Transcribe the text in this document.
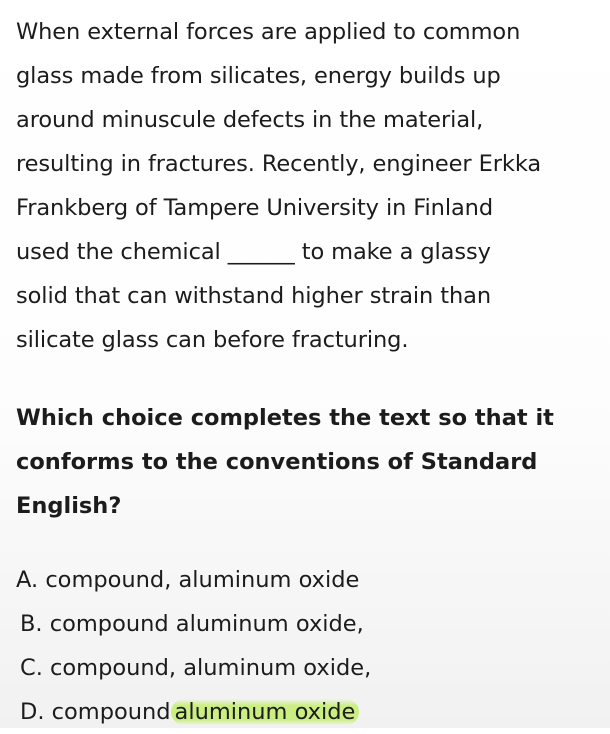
When external forces are applied to common
glass made from silicates, energy builds up
around minuscule defects in the material,
resulting in fractures. Recently, engineer Erkka
Frankberg of Tampere University in Finland
used the chemical ______ to make a glassy
solid that can withstand higher strain than
silicate glass can before fracturing.

Which choice completes the text so that it
conforms to the conventions of Standard
English?

A. compound, aluminum oxide
B. compound aluminum oxide,
C. compound, aluminum oxide,
D. compound aluminum oxide
